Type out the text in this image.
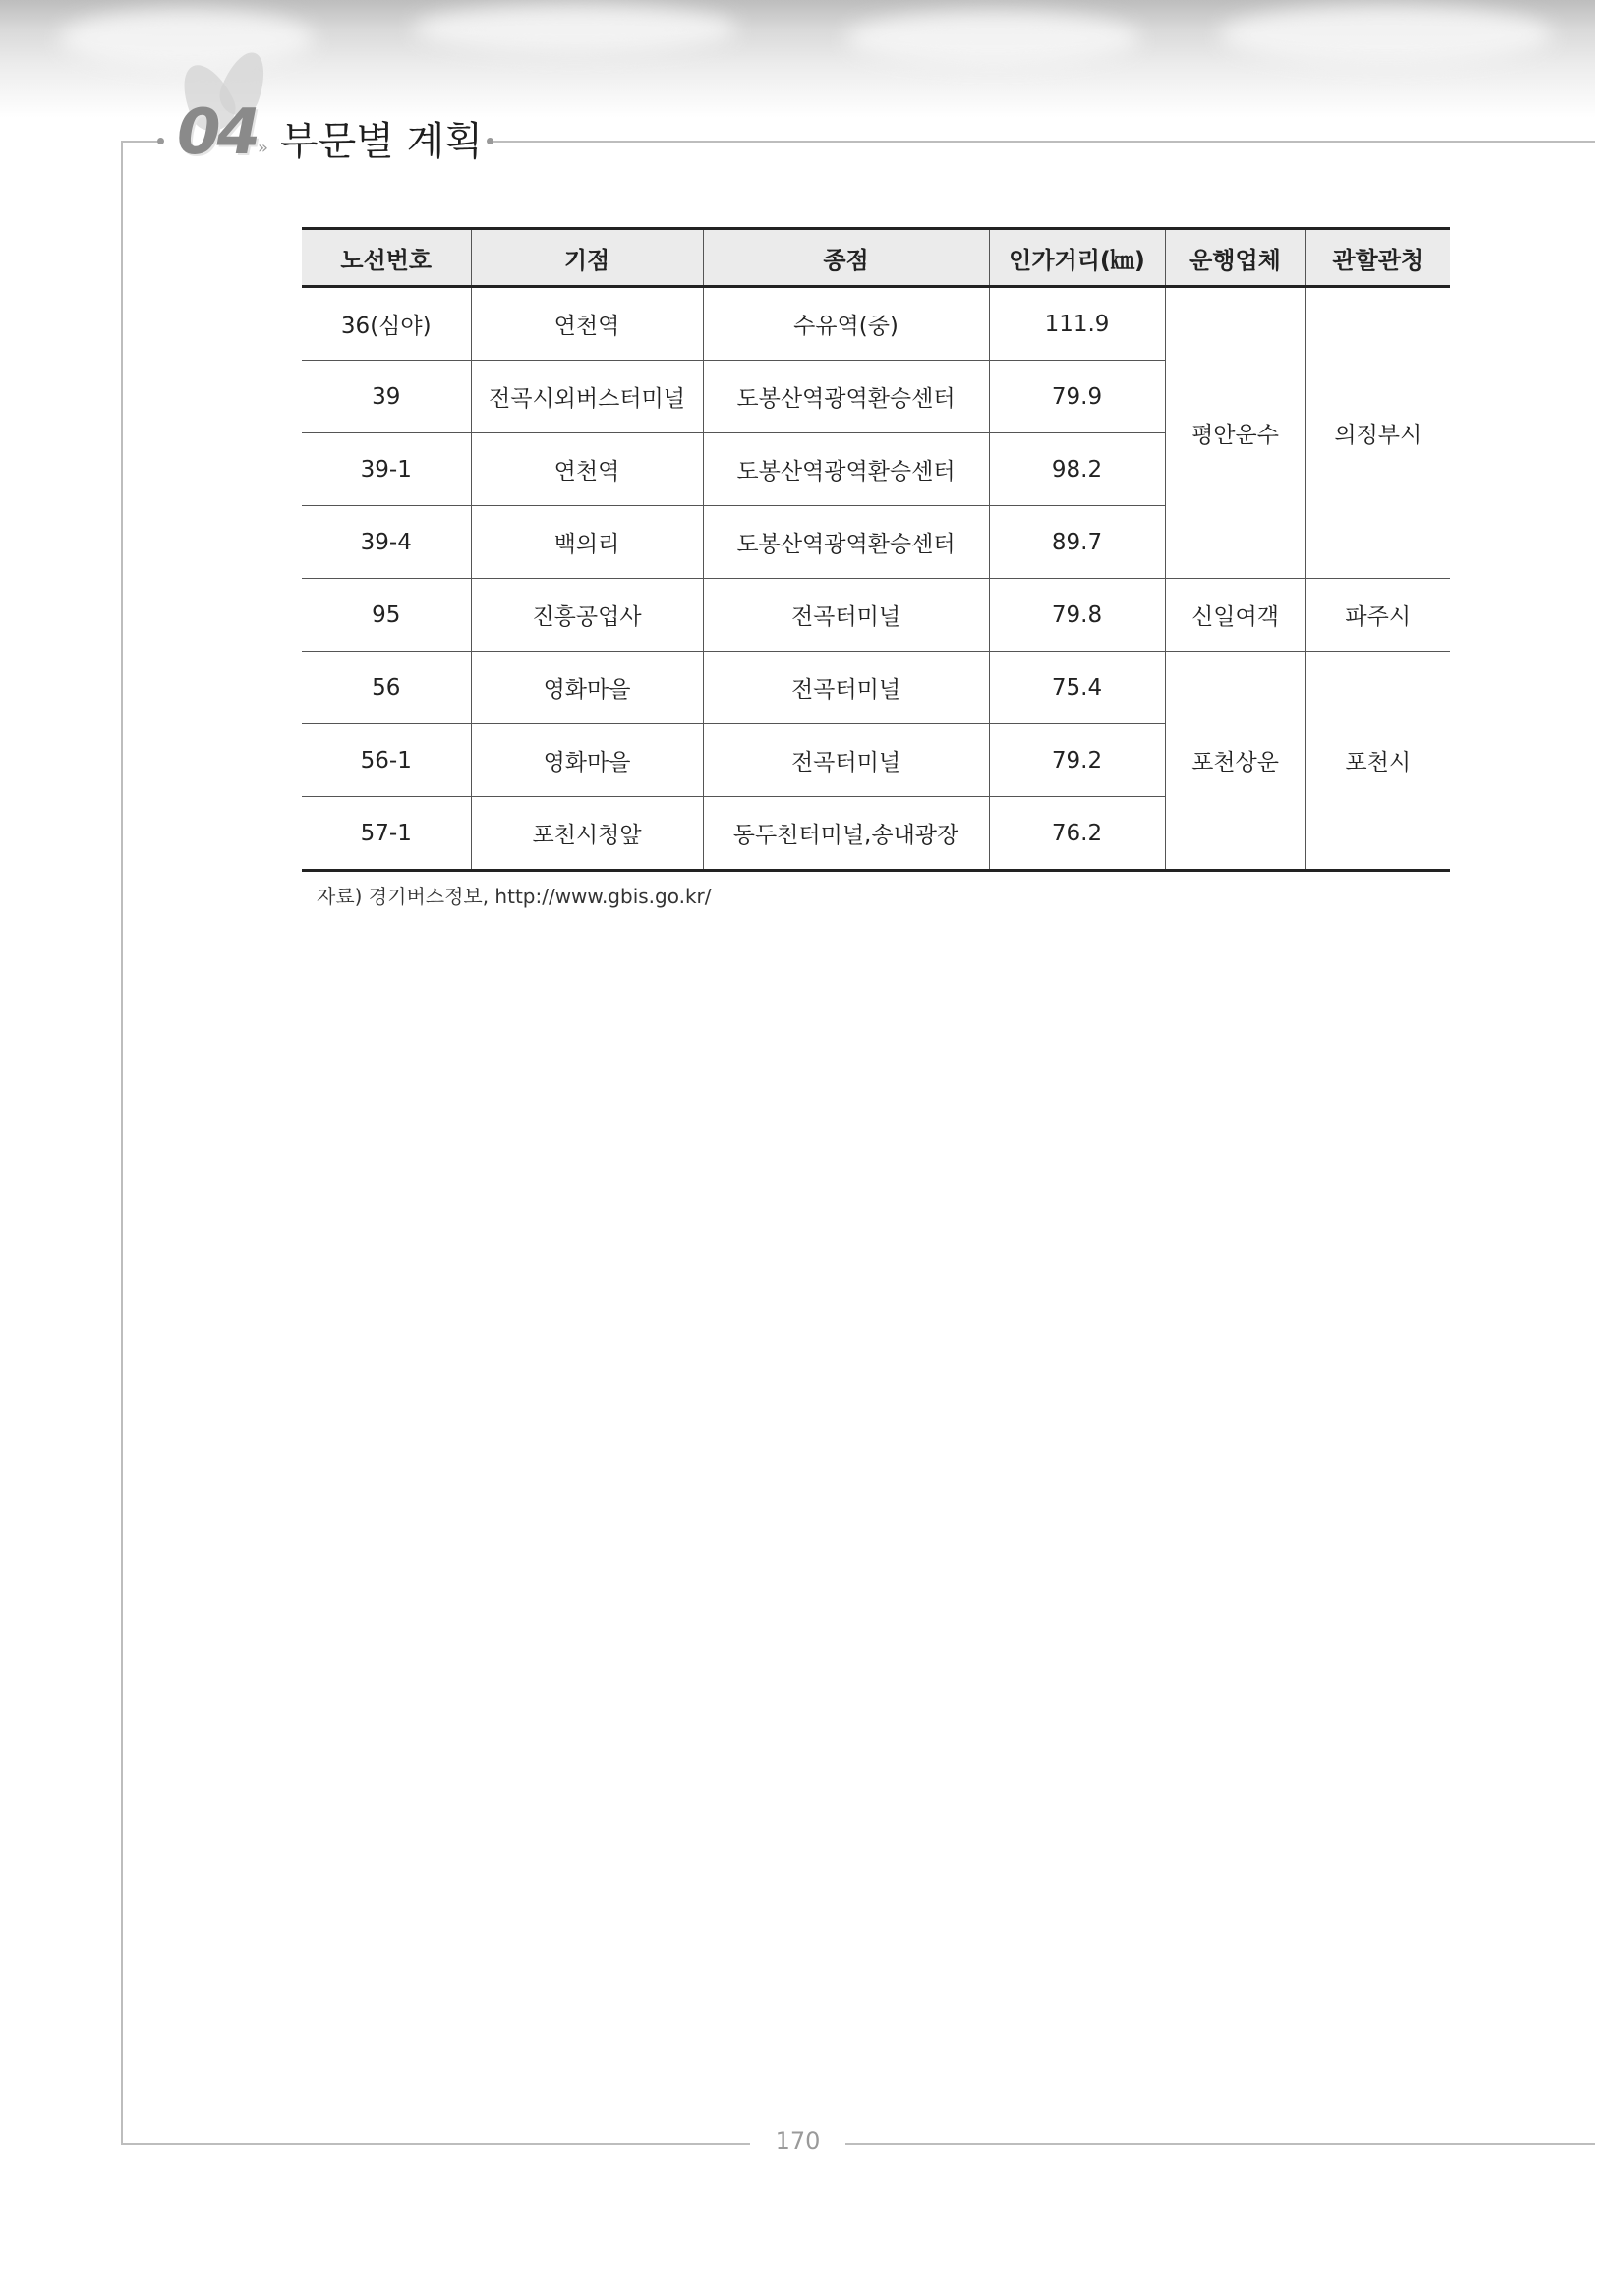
04 » 부문별 계획
노선번호	기점	종점	인가거리(㎞)	운행업체	관할관청
36(심야)	연천역	수유역(중)	111.9	평안운수	의정부시
39	전곡시외버스터미널	도봉산역광역환승센터	79.9		
39-1	연천역	도봉산역광역환승센터	98.2		
39-4	백의리	도봉산역광역환승센터	89.7		
95	진흥공업사	전곡터미널	79.8	신일여객	파주시
56	영화마을	전곡터미널	75.4	포천상운	포천시
56-1	영화마을	전곡터미널	79.2		
57-1	포천시청앞	동두천터미널,송내광장	76.2		
자료) 경기버스정보, http://www.gbis.go.kr/
170
